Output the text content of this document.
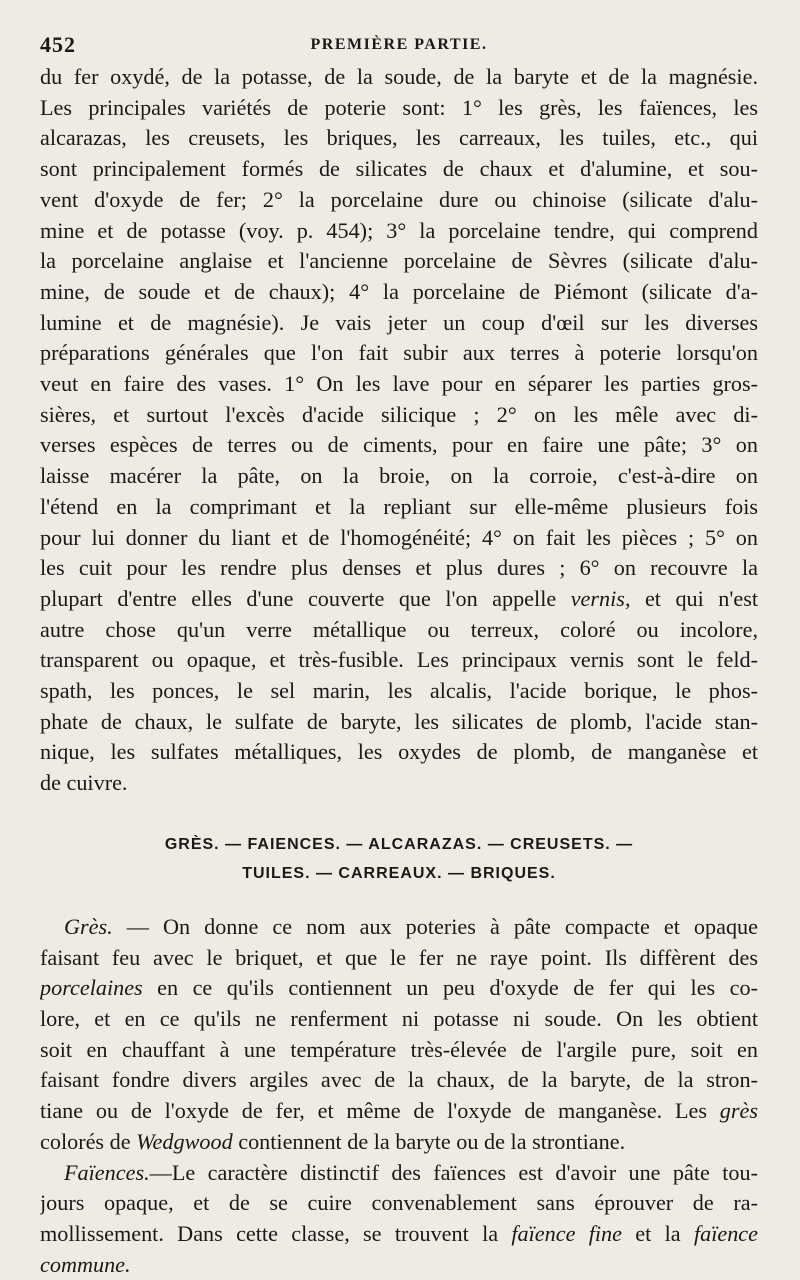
452	PREMIÈRE PARTIE.
du fer oxydé, de la potasse, de la soude, de la baryte et de la magnésie.
Les principales variétés de poterie sont: 1° les grès, les faïences, les
alcarazas, les creusets, les briques, les carreaux, les tuiles, etc., qui
sont principalement formés de silicates de chaux et d'alumine, et sou-
vent d'oxyde de fer; 2° la porcelaine dure ou chinoise (silicate d'alu-
mine et de potasse (voy. p. 454); 3° la porcelaine tendre, qui comprend
la porcelaine anglaise et l'ancienne porcelaine de Sèvres (silicate d'alu-
mine, de soude et de chaux); 4° la porcelaine de Piémont (silicate d'a-
lumine et de magnésie). Je vais jeter un coup d'œil sur les diverses
préparations générales que l'on fait subir aux terres à poterie lorsqu'on
veut en faire des vases. 1° On les lave pour en séparer les parties gros-
sières, et surtout l'excès d'acide silicique ; 2° on les mêle avec di-
verses espèces de terres ou de ciments, pour en faire une pâte; 3° on
laisse macérer la pâte, on la broie, on la corroie, c'est-à-dire on
l'étend en la comprimant et la repliant sur elle-même plusieurs fois
pour lui donner du liant et de l'homogénéité; 4° on fait les pièces ; 5° on
les cuit pour les rendre plus denses et plus dures ; 6° on recouvre la
plupart d'entre elles d'une couverte que l'on appelle vernis, et qui n'est
autre chose qu'un verre métallique ou terreux, coloré ou incolore,
transparent ou opaque, et très-fusible. Les principaux vernis sont le feld-
spath, les ponces, le sel marin, les alcalis, l'acide borique, le phos-
phate de chaux, le sulfate de baryte, les silicates de plomb, l'acide stan-
nique, les sulfates métalliques, les oxydes de plomb, de manganèse et
de cuivre.
GRÈS. — FAIENCES. — ALCARAZAS. — CREUSETS. —
TUILES. — CARREAUX. — BRIQUES.
Grès. — On donne ce nom aux poteries à pâte compacte et opaque
faisant feu avec le briquet, et que le fer ne raye point. Ils diffèrent des
porcelaines en ce qu'ils contiennent un peu d'oxyde de fer qui les co-
lore, et en ce qu'ils ne renferment ni potasse ni soude. On les obtient
soit en chauffant à une température très-élevée de l'argile pure, soit en
faisant fondre divers argiles avec de la chaux, de la baryte, de la stron-
tiane ou de l'oxyde de fer, et même de l'oxyde de manganèse. Les grès
colorés de Wedgwood contiennent de la baryte ou de la strontiane.
Faïences.—Le caractère distinctif des faïences est d'avoir une pâte tou-
jours opaque, et de se cuire convenablement sans éprouver de ra-
mollissement. Dans cette classe, se trouvent la faïence fine et la faïence
commune.
